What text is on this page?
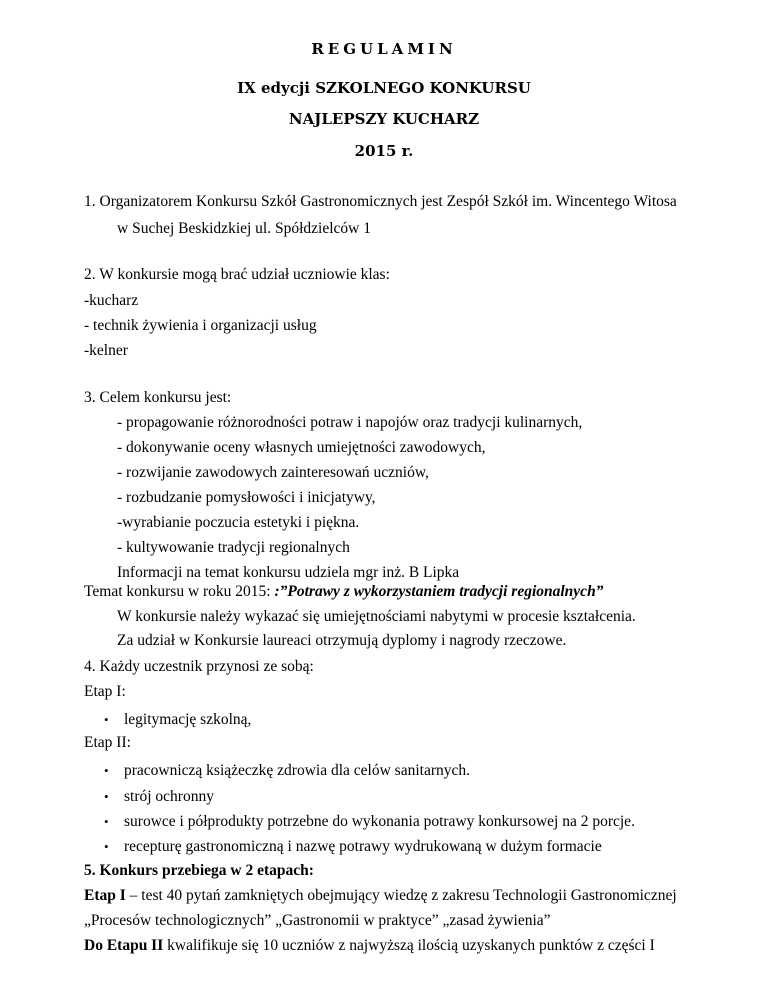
REGULAMIN
IX edycji SZKOLNEGO KONKURSU
NAJLEPSZY KUCHARZ
2015 r.
1. Organizatorem Konkursu Szkół Gastronomicznych jest Zespół Szkół im. Wincentego Witosa
w Suchej Beskidzkiej ul. Spółdzielców 1
2. W konkursie mogą brać udział uczniowie klas:
-kucharz
- technik żywienia i organizacji usług
-kelner
3. Celem konkursu jest:
- propagowanie różnorodności potraw i napojów oraz tradycji kulinarnych,
- dokonywanie oceny własnych umiejętności zawodowych,
- rozwijanie zawodowych zainteresowań uczniów,
- rozbudzanie pomysłowości i inicjatywy,
-wyrabianie poczucia estetyki i piękna.
- kultywowanie tradycji regionalnych
Informacji na temat konkursu udziela mgr inż. B Lipka
Temat konkursu w roku 2015: :”Potrawy z wykorzystaniem tradycji regionalnych”
W konkursie należy wykazać się umiejętnościami nabytymi w procesie kształcenia.
Za udział w Konkursie laureaci otrzymują dyplomy i nagrody rzeczowe.
4. Każdy uczestnik przynosi ze sobą:
Etap I:
• legitymację szkolną,
Etap II:
• pracowniczą książeczkę zdrowia dla celów sanitarnych.
• strój ochronny
• surowce i półprodukty potrzebne do wykonania potrawy konkursowej na 2 porcje.
• recepturę gastronomiczną i nazwę potrawy wydrukowaną w dużym formacie
5. Konkurs przebiega w 2 etapach:
Etap I – test 40 pytań zamkniętych obejmujący wiedzę z zakresu Technologii Gastronomicznej
„Procesów technologicznych” „Gastronomii w praktyce” „zasad żywienia”
Do Etapu II kwalifikuje się 10 uczniów z najwyższą ilością uzyskanych punktów z części I
